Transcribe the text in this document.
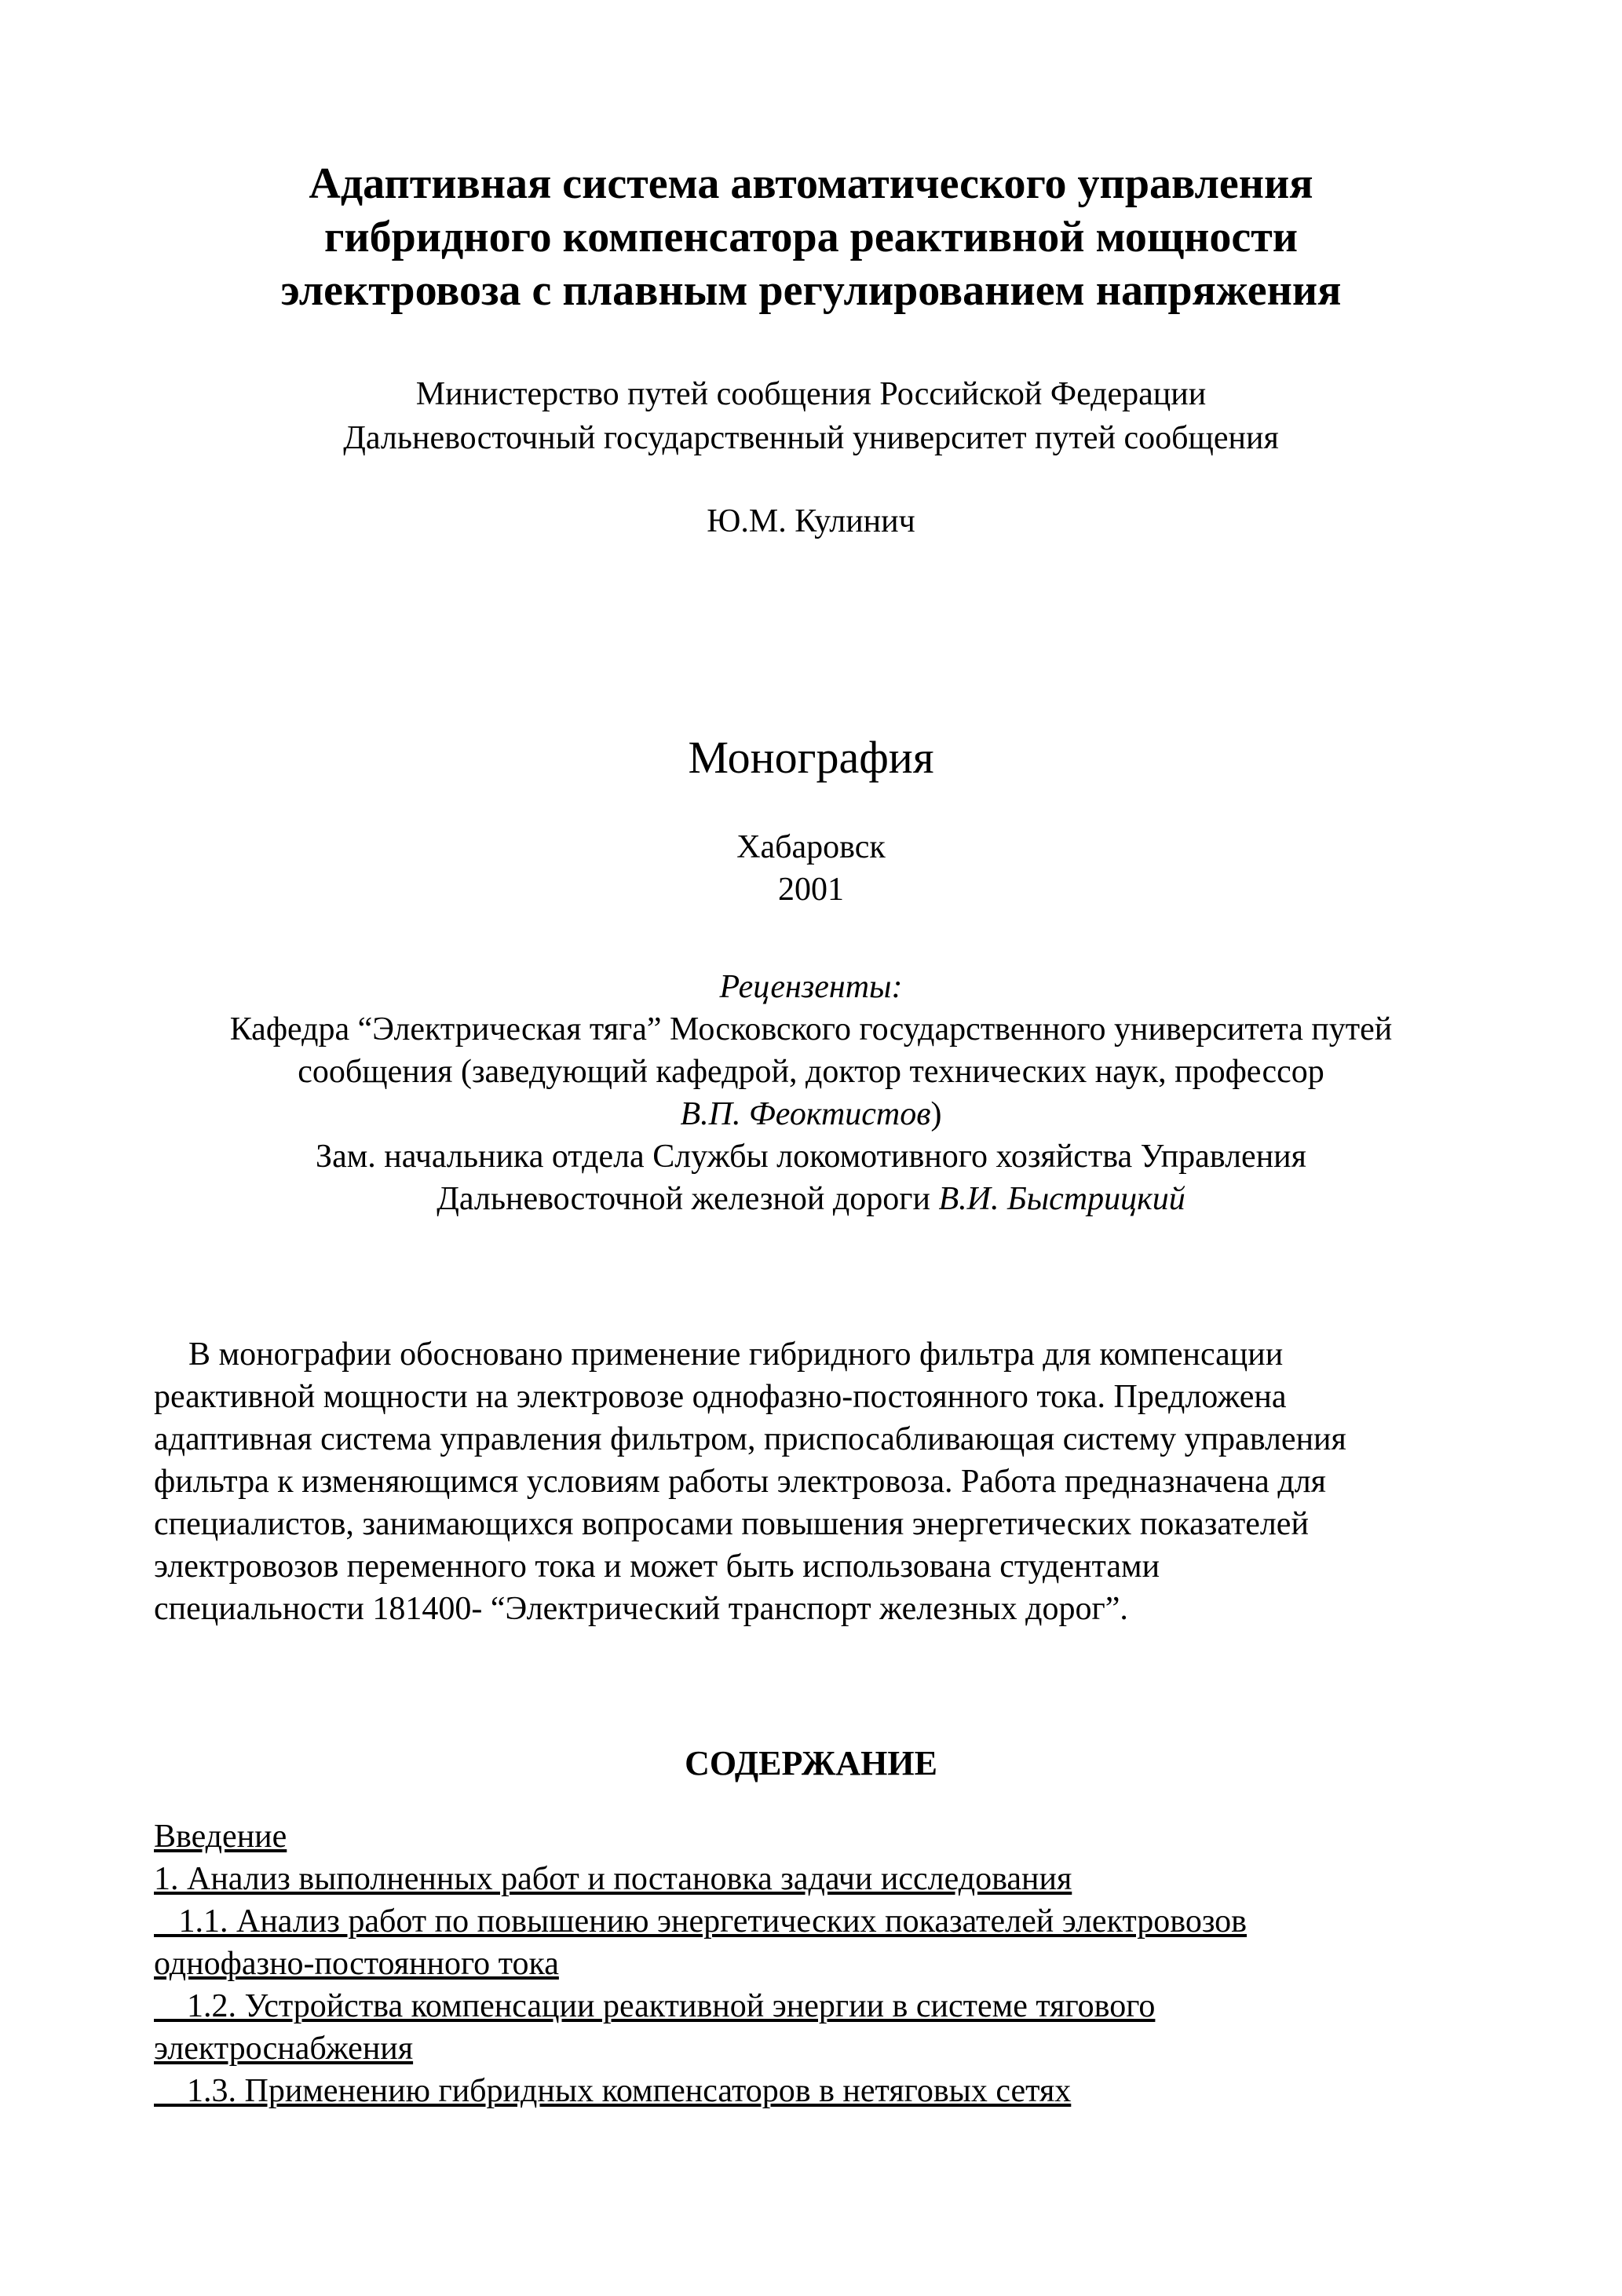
Адаптивная система автоматического управления
гибридного компенсатора реактивной мощности
электровоза с плавным регулированием напряжения
Министерство путей сообщения Российской Федерации
Дальневосточный государственный университет путей сообщения
Ю.М. Кулинич
Монография
Хабаровск
2001
Рецензенты:
Кафедра “Электрическая тяга” Московского государственного университета путей
сообщения (заведующий кафедрой, доктор технических наук, профессор
В.П. Феоктистов)
Зам. начальника отдела Службы локомотивного хозяйства Управления
Дальневосточной железной дороги В.И. Быстрицкий
В монографии обосновано применение гибридного фильтра для компенсации
реактивной мощности на электровозе однофазно-постоянного тока. Предложена
адаптивная система управления фильтром, приспосабливающая систему управления
фильтра к изменяющимся условиям работы электровоза. Работа предназначена для
специалистов, занимающихся вопросами повышения энергетических показателей
электровозов переменного тока и может быть использована студентами
специальности 181400- “Электрический транспорт железных дорог”.
СОДЕРЖАНИЕ
Введение
1. Анализ выполненных работ и постановка задачи исследования
1.1. Анализ работ по повышению энергетических показателей электровозов
однофазно-постоянного тока
1.2. Устройства компенсации реактивной энергии в системе тягового
электроснабжения
1.3. Применению гибридных компенсаторов в нетяговых сетях
